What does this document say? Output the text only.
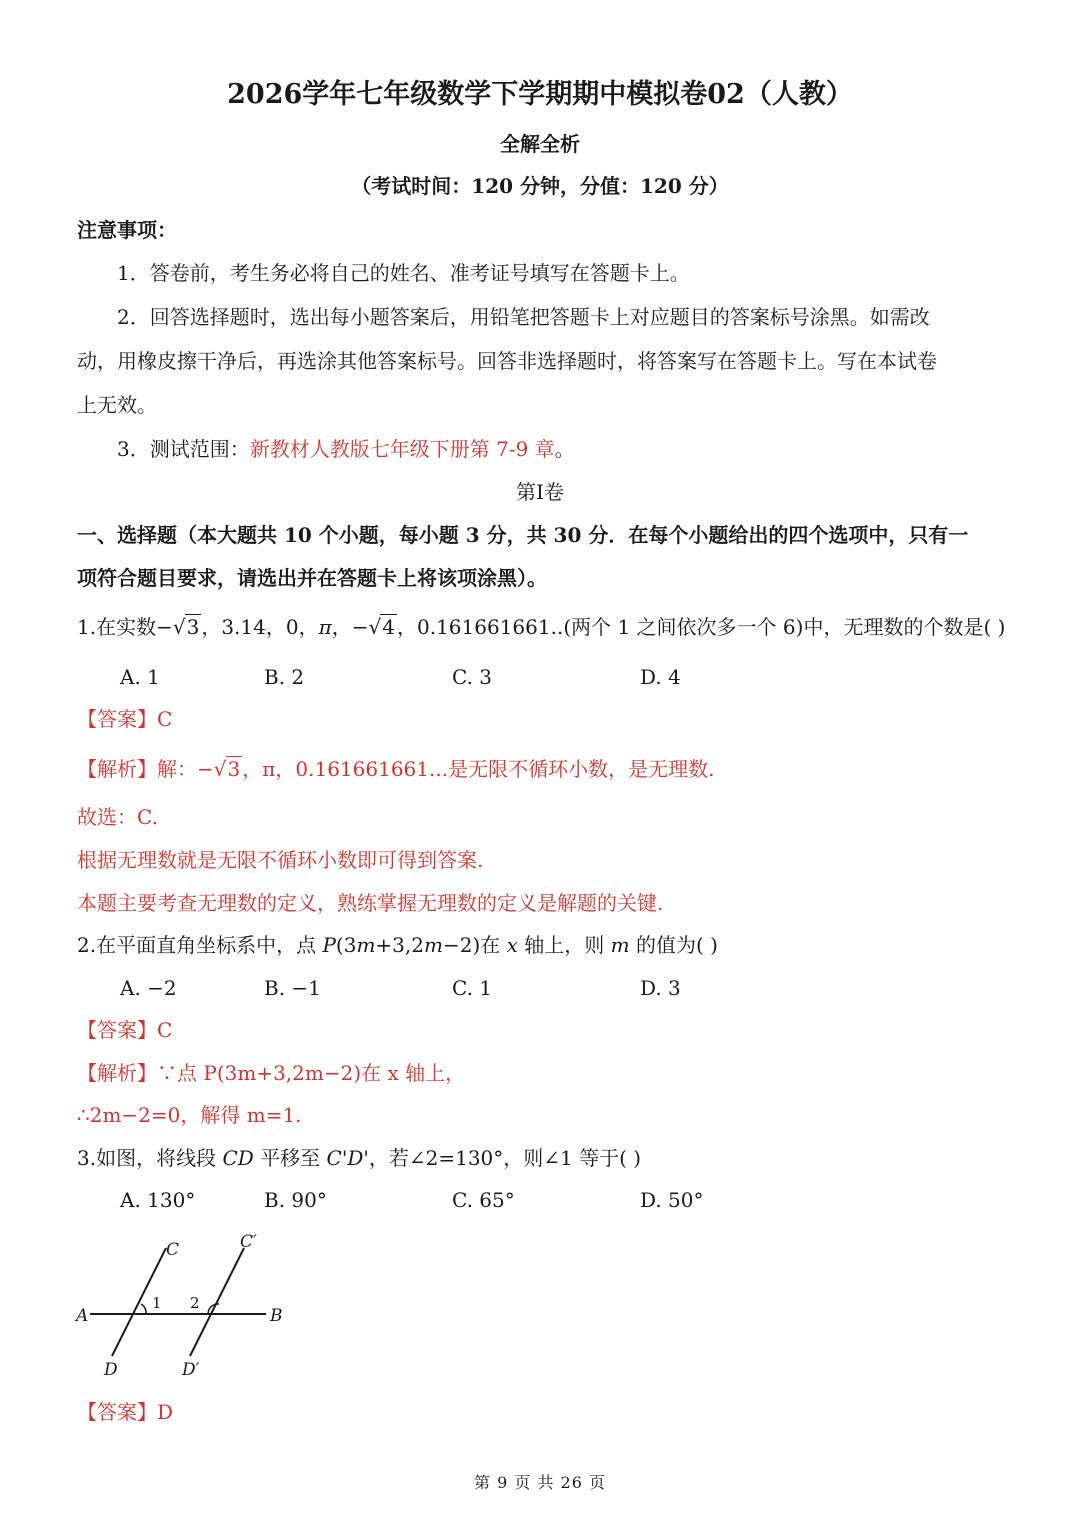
2026学年七年级数学下学期期中模拟卷02（人教）
全解全析
（考试时间：120 分钟，分值：120 分）
注意事项：
1．答卷前，考生务必将自己的姓名、准考证号填写在答题卡上。
2．回答选择题时，选出每小题答案后，用铅笔把答题卡上对应题目的答案标号涂黑。如需改
动，用橡皮擦干净后，再选涂其他答案标号。回答非选择题时，将答案写在答题卡上。写在本试卷
上无效。
3．测试范围：新教材人教版七年级下册第 7-9 章。
第Ⅰ卷
一、选择题（本大题共 10 个小题，每小题 3 分，共 30 分．在每个小题给出的四个选项中，只有一
项符合题目要求，请选出并在答题卡上将该项涂黑）。
1.在实数−√3 ，3.14，0，π，−√4 ，0.161661661..(两个 1 之间依次多一个 6)中，无理数的个数是( )
A. 1	B. 2	C. 3	D. 4
【答案】C
【解析】解：−√3 ，π，0.161661661...是无限不循环小数，是无理数.
故选：C.
根据无理数就是无限不循环小数即可得到答案.
本题主要考查无理数的定义，熟练掌握无理数的定义是解题的关键.
2.在平面直角坐标系中，点 P(3m+3,2m−2)在 x 轴上，则 m 的值为( )
A. −2	B. −1	C. 1	D. 3
【答案】C
【解析】∵点 P(3m+3,2m−2)在 x 轴上，
∴2m−2=0，解得 m=1.
3.如图，将线段 CD 平移至 C'D'，若∠2=130°，则∠1 等于( )
A. 130°	B. 90°	C. 65°	D. 50°
A	B
C	C′
D	D′
1 2
【答案】D
第 9 页 共 26 页
